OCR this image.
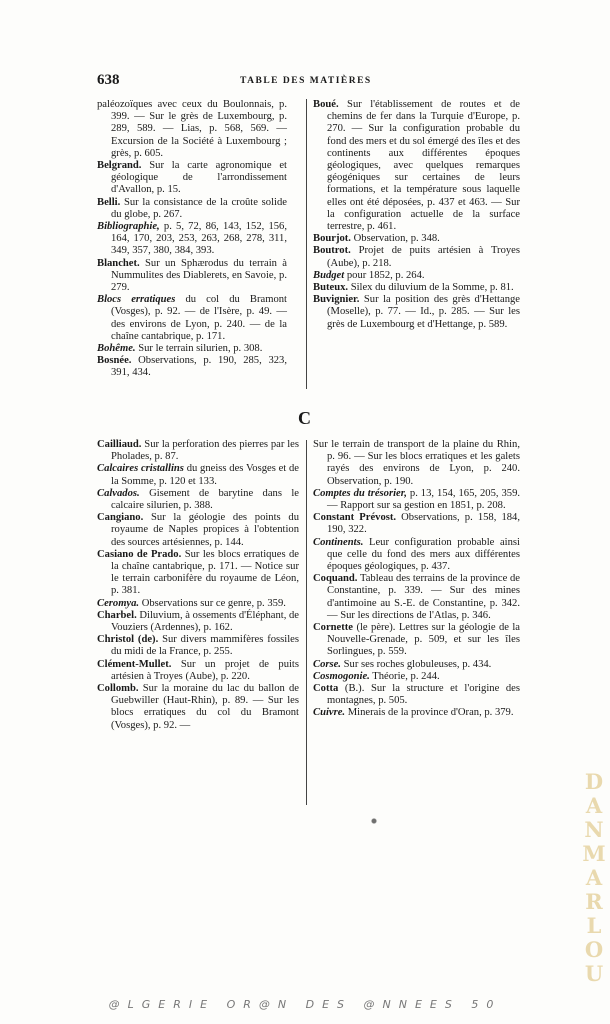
638	TABLE DES MATIÈRES

paléozoïques avec ceux du Boulonnais, p. 399. — Sur le grès de Luxembourg, p. 289, 589. — Lias, p. 568, 569. — Excursion de la Société à Luxembourg ; grès, p. 605.

Belgrand. Sur la carte agronomique et géologique de l'arrondissement d'Avallon, p. 15.

Belli. Sur la consistance de la croûte solide du globe, p. 267.

Bibliographie, p. 5, 72, 86, 143, 152, 156, 164, 170, 203, 253, 263, 268, 278, 311, 349, 357, 380, 384, 393.

Blanchet. Sur un Sphærodus du terrain à Nummulites des Diablerets, en Savoie, p. 279.

Blocs erratiques du col du Bramont (Vosges), p. 92. — de l'Isère, p. 49. — des environs de Lyon, p. 240. — de la chaîne cantabrique, p. 171.

Bohême. Sur le terrain silurien, p. 308.

Bosnée. Observations, p. 190, 285, 323, 391, 434.

Boué. Sur l'établissement de routes et de chemins de fer dans la Turquie d'Europe, p. 270. — Sur la configuration probable du fond des mers et du sol émergé des îles et des continents aux différentes époques géologiques, avec quelques remarques géogéniques sur certaines de leurs formations, et la température sous laquelle elles ont été déposées, p. 437 et 463. — Sur la configuration actuelle de la surface terrestre, p. 461.

Bourjot. Observation, p. 348.

Boutrot. Projet de puits artésien à Troyes (Aube), p. 218.

Budget pour 1852, p. 264.

Buteux. Silex du diluvium de la Somme, p. 81.

Buvignier. Sur la position des grès d'Hettange (Moselle), p. 77. — Id., p. 285. — Sur les grès de Luxembourg et d'Hettange, p. 589.

C

Cailliaud. Sur la perforation des pierres par les Pholades, p. 87.

Calcaires cristallins du gneiss des Vosges et de la Somme, p. 120 et 133.

Calvados. Gisement de barytine dans le calcaire silurien, p. 388.

Cangiano. Sur la géologie des points du royaume de Naples propices à l'obtention des sources artésiennes, p. 144.

Casiano de Prado. Sur les blocs erratiques de la chaîne cantabrique, p. 171. — Notice sur le terrain carbonifère du royaume de Léon, p. 381.

Ceromya. Observations sur ce genre, p. 359.

Charbel. Diluvium, à ossements d'Éléphant, de Vouziers (Ardennes), p. 162.

Christol (de). Sur divers mammifères fossiles du midi de la France, p. 255.

Clément-Mullet. Sur un projet de puits artésien à Troyes (Aube), p. 220.

Collomb. Sur la moraine du lac du ballon de Guebwiller (Haut-Rhin), p. 89. — Sur les blocs erratiques du col du Bramont (Vosges), p. 92. —

Sur le terrain de transport de la plaine du Rhin, p. 96. — Sur les blocs erratiques et les galets rayés des environs de Lyon, p. 240. Observation, p. 190.

Comptes du trésorier, p. 13, 154, 165, 205, 359. — Rapport sur sa gestion en 1851, p. 208.

Constant Prévost. Observations, p. 158, 184, 190, 322.

Continents. Leur configuration probable ainsi que celle du fond des mers aux différentes époques géologiques, p. 437.

Coquand. Tableau des terrains de la province de Constantine, p. 339. — Sur des mines d'antimoine au S.-E. de Constantine, p. 342. — Sur les directions de l'Atlas, p. 346.

Cornette (le père). Lettres sur la géologie de la Nouvelle-Grenade, p. 509, et sur les îles Sorlingues, p. 559.

Corse. Sur ses roches globuleuses, p. 434.

Cosmogonie. Théorie, p. 244.

Cotta (B.). Sur la structure et l'origine des montagnes, p. 505.

Cuivre. Minerais de la province d'Oran, p. 379.

D
A
N
M
A
R
L
O
U
@LGERIE OR@N DES @NNEES 50
